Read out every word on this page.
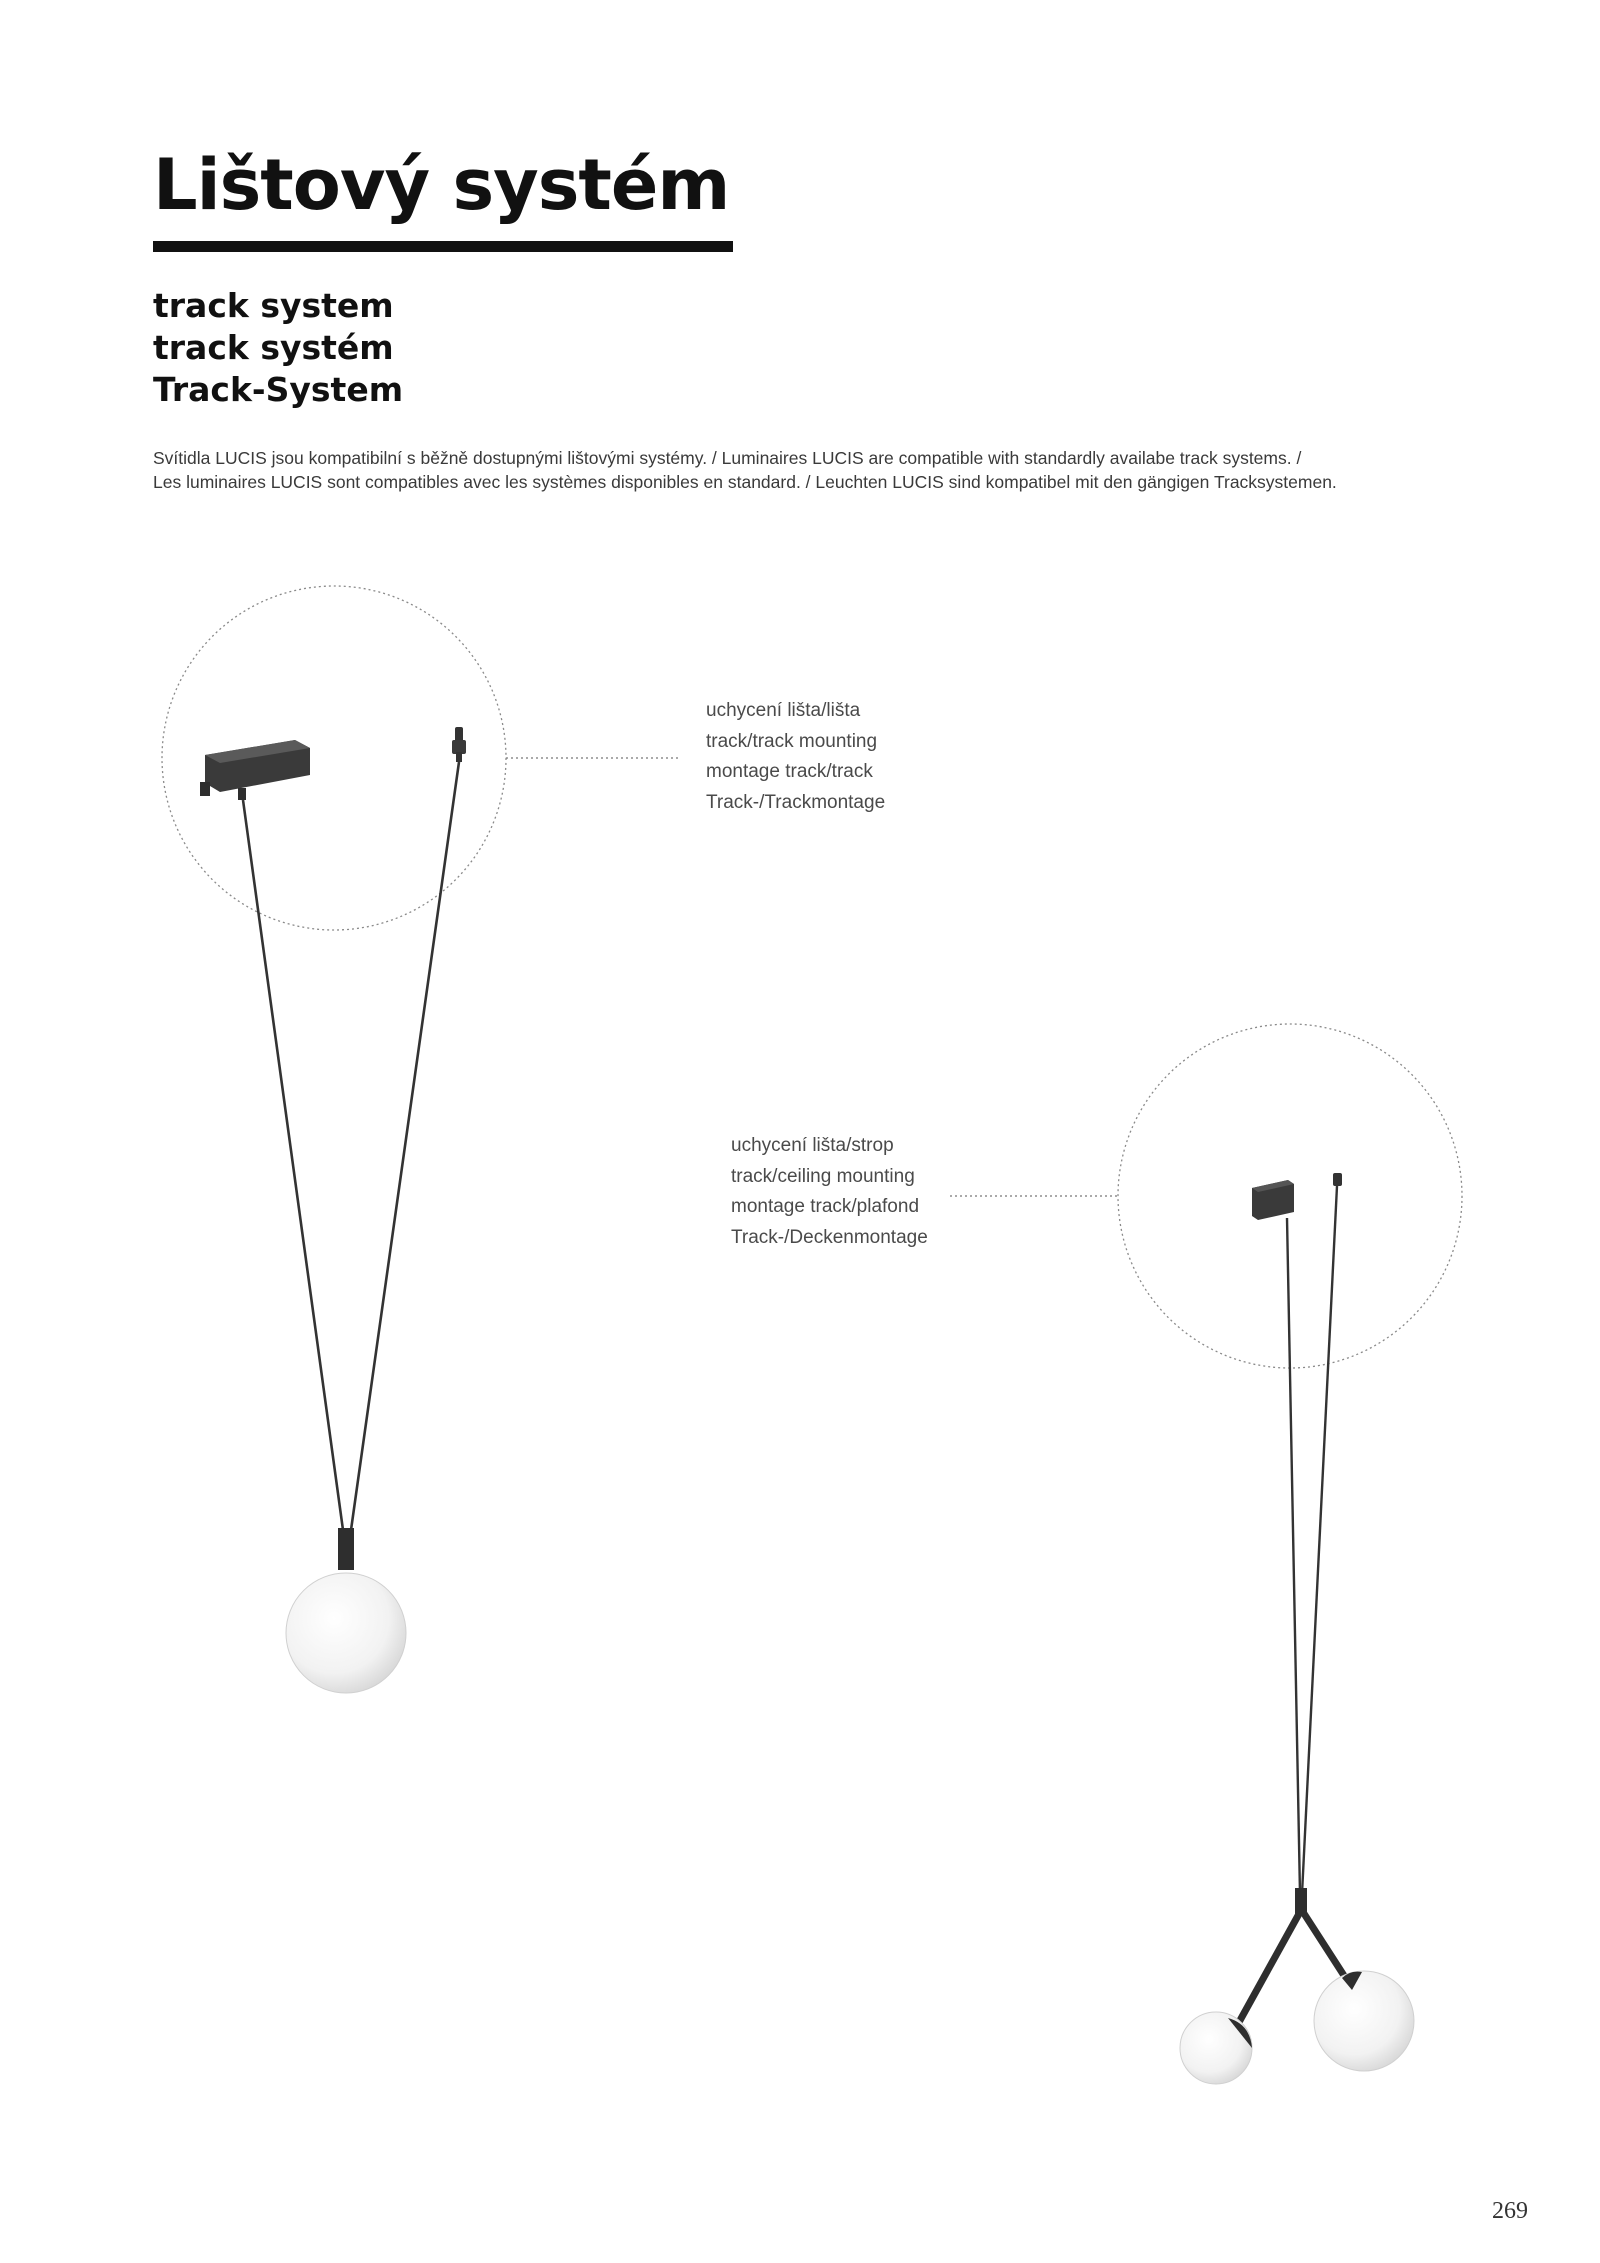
Lištový systém
track system
track systém
Track-System
Svítidla LUCIS jsou kompatibilní s běžně dostupnými lištovými systémy. / Luminaires LUCIS are compatible with standardly availabe track systems. /
Les luminaires LUCIS sont compatibles avec les systèmes disponibles en standard. / Leuchten LUCIS sind kompatibel mit den gängigen Tracksystemen.
uchycení lišta/lišta
track/track mounting
montage track/track
Track-/Trackmontage
uchycení lišta/strop
track/ceiling mounting
montage track/plafond
Track-/Deckenmontage
269
